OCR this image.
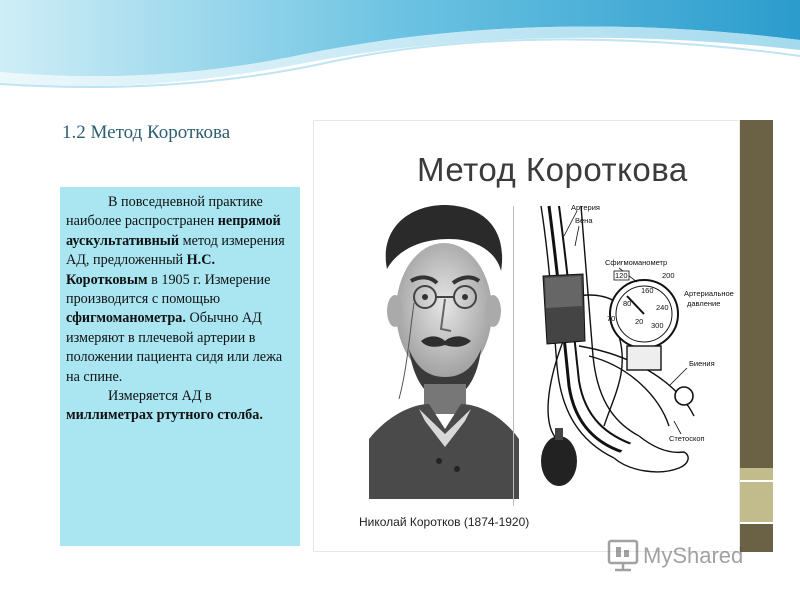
1.2 Метод Короткова

В повседневной практике наиболее распространен непрямой аускультативный метод измерения АД, предложенный Н.С. Коротковым в 1905 г. Измерение производится с помощью сфигмоманометра. Обычно АД измеряют в плечевой артерии в положении пациента сидя или лежа на спине.

Измеряется АД в миллиметрах ртутного столба.

Метод Короткова
Артерия
Вена
Сфигмоманометр
Артериальное
давление
Биения
Стетоскоп
120	200
160
80	240
70	20 300
Николай Коротков (1874-1920)
MyShared
